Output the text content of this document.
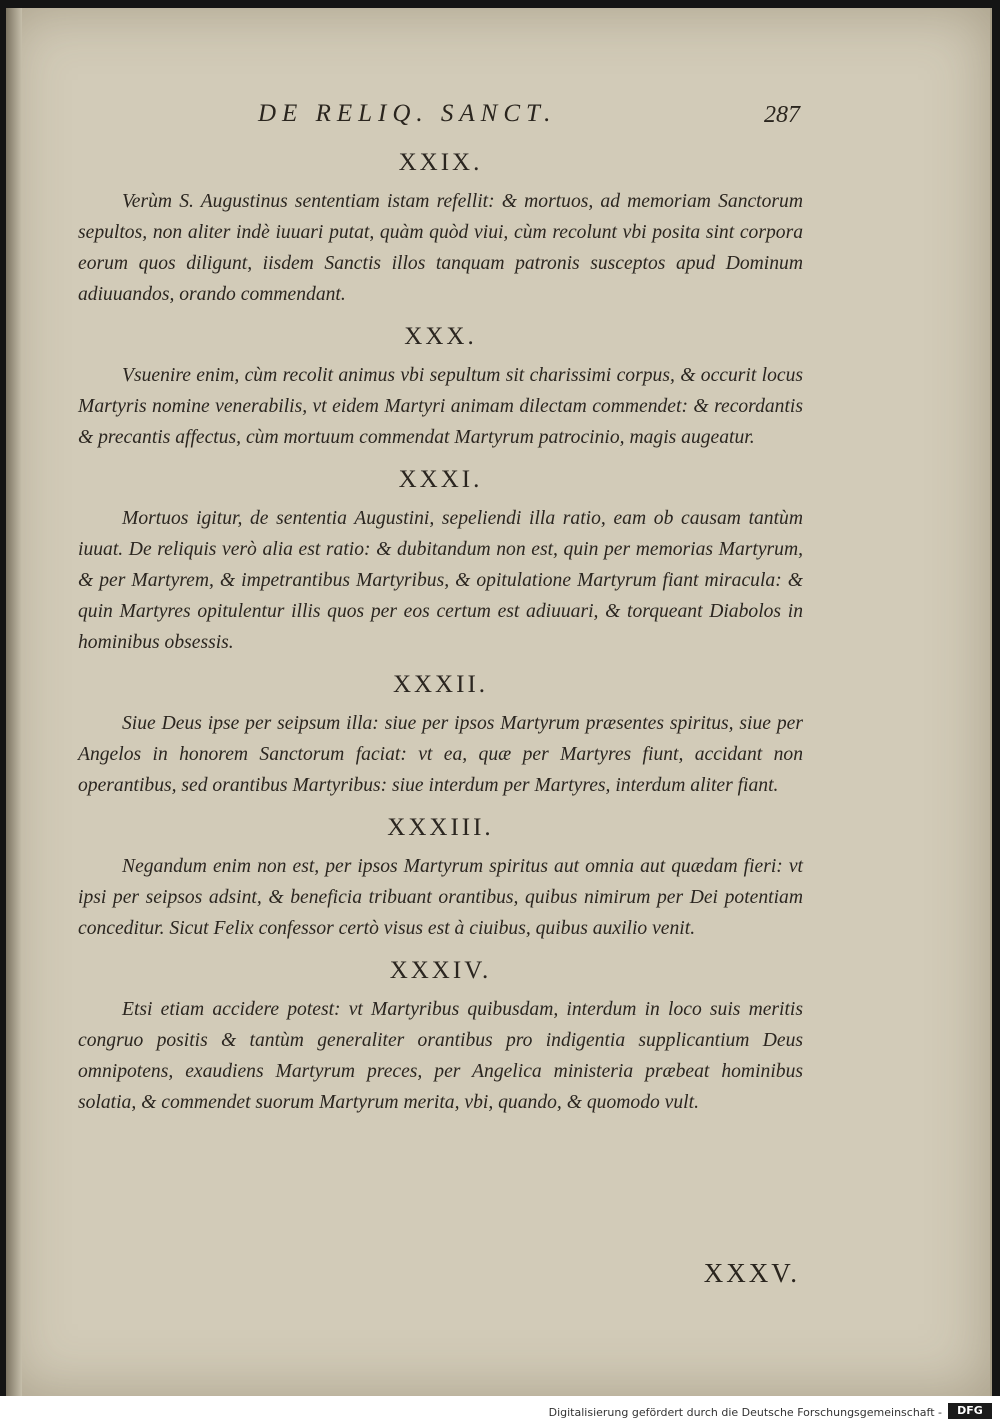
DE RELIQ. SANCT.	287
XXIX.

Verùm S. Augustinus sententiam istam refellit: & mortuos, ad memoriam Sanctorum sepultos, non aliter indè iuuari putat, quàm quòd viui, cùm recolunt vbi posita sint corpora eorum quos diligunt, iisdem Sanctis illos tanquam patronis susceptos apud Dominum adiuuandos, orando commendant.

XXX.

Vsuenire enim, cùm recolit animus vbi sepultum sit charissimi corpus, & occurit locus Martyris nomine venerabilis, vt eidem Martyri animam dilectam commendet: & recordantis & precantis affectus, cùm mortuum commendat Martyrum patrocinio, magis augeatur.

XXXI.

Mortuos igitur, de sententia Augustini, sepeliendi illa ratio, eam ob causam tantùm iuuat. De reliquis verò alia est ratio: & dubitandum non est, quin per memorias Martyrum, & per Martyrem, & impetrantibus Martyribus, & opitulatione Martyrum fiant miracula: & quin Martyres opitulentur illis quos per eos certum est adiuuari, & torqueant Diabolos in hominibus obsessis.

XXXII.

Siue Deus ipse per seipsum illa: siue per ipsos Martyrum præsentes spiritus, siue per Angelos in honorem Sanctorum faciat: vt ea, quæ per Martyres fiunt, accidant non operantibus, sed orantibus Martyribus: siue interdum per Martyres, interdum aliter fiant.

XXXIII.

Negandum enim non est, per ipsos Martyrum spiritus aut omnia aut quædam fieri: vt ipsi per seipsos adsint, & beneficia tribuant orantibus, quibus nimirum per Dei potentiam conceditur. Sicut Felix confessor certò visus est à ciuibus, quibus auxilio venit.

XXXIV.

Etsi etiam accidere potest: vt Martyribus quibusdam, interdum in loco suis meritis congruo positis & tantùm generaliter orantibus pro indigentia supplicantium Deus omnipotens, exaudiens Martyrum preces, per Angelica ministeria præbeat hominibus solatia, & commendet suorum Martyrum merita, vbi, quando, & quomodo vult.

XXXV.
Digitalisierung gefördert durch die Deutsche Forschungsgemeinschaft -	DFG
